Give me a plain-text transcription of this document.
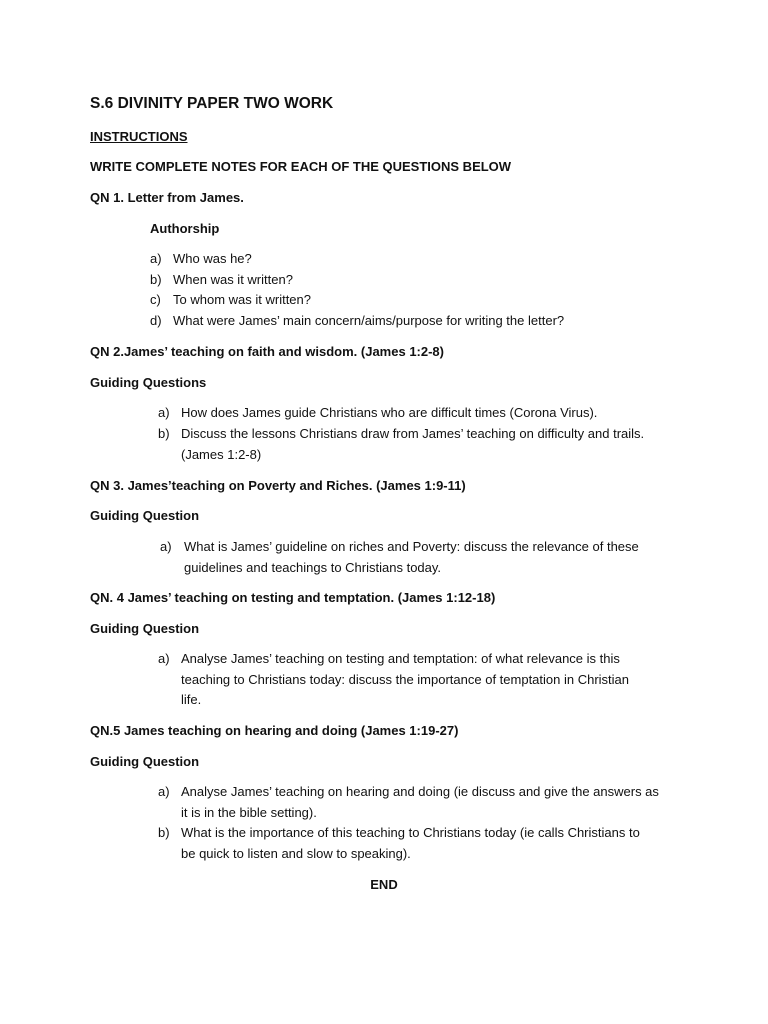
S.6 DIVINITY PAPER TWO WORK
INSTRUCTIONS
WRITE COMPLETE NOTES FOR EACH OF THE QUESTIONS BELOW
QN 1. Letter from James.
Authorship
a) Who was he?
b) When was it written?
c) To whom was it written?
d) What were James’ main concern/aims/purpose for writing the letter?
QN 2.James’ teaching on faith and wisdom. (James 1:2-8)
Guiding Questions
a) How does James guide Christians who are difficult times (Corona Virus).
b) Discuss the lessons Christians draw from James’ teaching on difficulty and trails.
(James 1:2-8)
QN 3. James’teaching on Poverty and Riches. (James 1:9-11)
Guiding Question
a) What is James’ guideline on riches and Poverty: discuss the relevance of these
guidelines and teachings to Christians today.
QN. 4 James’ teaching on testing and temptation. (James 1:12-18)
Guiding Question
a) Analyse James’ teaching on testing and temptation: of what relevance is this
teaching to Christians today: discuss the importance of temptation in Christian
life.
QN.5 James teaching on hearing and doing (James 1:19-27)
Guiding Question
a) Analyse James’ teaching on hearing and doing (ie discuss and give the answers as
it is in the bible setting).
b) What is the importance of this teaching to Christians today (ie calls Christians to
be quick to listen and slow to speaking).
END
